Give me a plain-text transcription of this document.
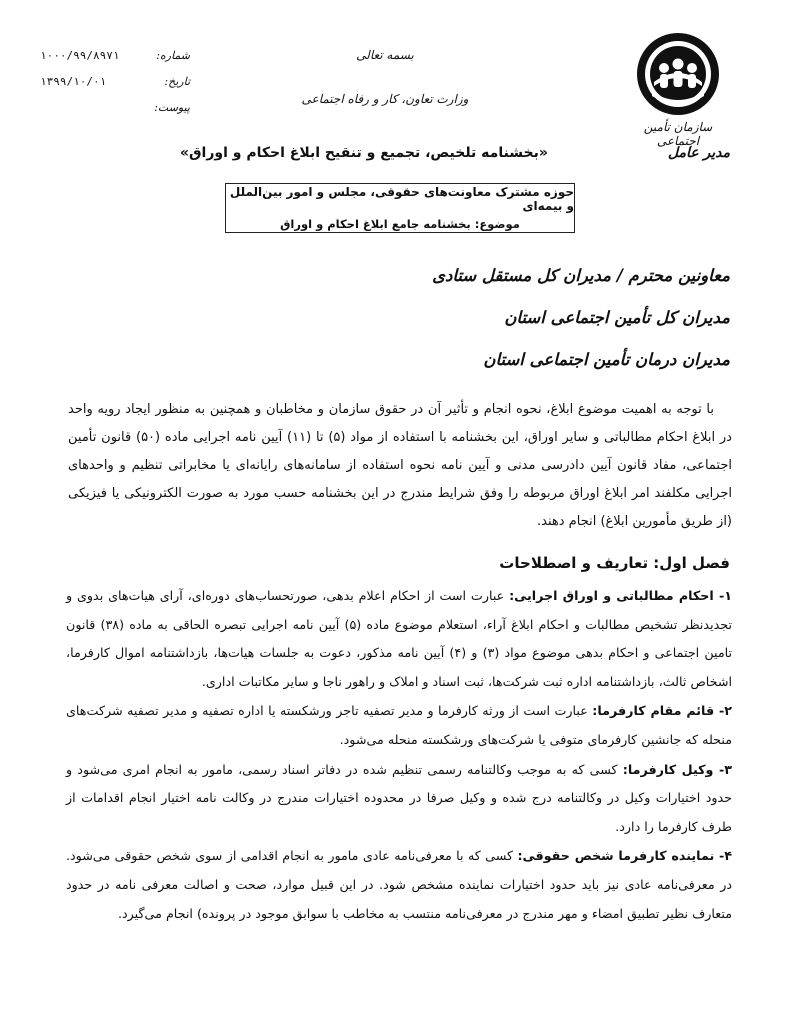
سازمان تأمین اجتماعی
بسمه تعالی
وزارت تعاون، کار و رفاه اجتماعی
۱۰۰۰/۹۹/۸۹۷۱	شماره:
۱۳۹۹/۱۰/۰۱	تاریخ:
پیوست:
مدیر عامل
«بخشنامه تلخیص، تجمیع و تنقیح ابلاغ احکام و اوراق»
حوزه مشترک معاونت‌های حقوقی، مجلس و امور بین‌الملل و بیمه‌ای
موضوع: بخشنامه جامع ابلاغ احکام و اوراق
معاونین محترم / مدیران کل مستقل ستادی
مدیران کل تأمین اجتماعی استان
مدیران درمان تأمین اجتماعی استان

با توجه به اهمیت موضوع ابلاغ، نحوه انجام و تأثیر آن در حقوق سازمان و مخاطبان و همچنین به منظور ایجاد رویه واحد در ابلاغ احکام مطالباتی و سایر اوراق، این بخشنامه با استفاده از مواد (۵) تا (۱۱) آیین نامه اجرایی ماده (۵۰) قانون تأمین اجتماعی، مفاد قانون آیین دادرسی مدنی و آیین نامه نحوه استفاده از سامانه‌های رایانه‌ای یا مخابراتی تنظیم و واحدهای اجرایی مکلفند امر ابلاغ اوراق مربوطه را وفق شرایط مندرج در این بخشنامه حسب مورد به صورت الکترونیکی یا فیزیکی (از طریق مأمورین ابلاغ) انجام دهند.

فصل اول: تعاریف و اصطلاحات

۱- احکام مطالباتی و اوراق اجرایی: عبارت است از احکام اعلام بدهی، صورتحساب‌های دوره‌ای، آرای هیات‌های بدوی و تجدیدنظر تشخیص مطالبات و احکام ابلاغ آراء، استعلام موضوع ماده (۵) آیین نامه اجرایی تبصره الحاقی به ماده (۳۸) قانون تامین اجتماعی و احکام بدهی موضوع مواد (۳) و (۴) آیین نامه مذکور، دعوت به جلسات هیات‌ها، بازداشتنامه اموال کارفرما، اشخاص ثالث، بازداشتنامه اداره ثبت شرکت‌ها، ثبت اسناد و املاک و راهور ناجا و سایر مکاتبات اداری.

۲- قائم مقام کارفرما: عبارت است از ورثه کارفرما و مدیر تصفیه تاجر ورشکسته یا اداره تصفیه و مدیر تصفیه شرکت‌های منحله که جانشین کارفرمای متوفی یا شرکت‌های ورشکسته منحله می‌شود.

۳- وکیل کارفرما: کسی که به موجب وکالتنامه رسمی تنظیم شده در دفاتر اسناد رسمی، مامور به انجام امری می‌شود و حدود اختیارات وکیل در وکالتنامه درج شده و وکیل صرفا در محدوده اختیارات مندرج در وکالت نامه اختیار انجام اقدامات از طرف کارفرما را دارد.

۴- نماینده کارفرما شخص حقوقی: کسی که با معرفی‌نامه عادی مامور به انجام اقدامی از سوی شخص حقوقی می‌شود. در معرفی‌نامه عادی نیز باید حدود اختیارات نماینده مشخص شود. در این قبیل موارد، صحت و اصالت معرفی نامه در حدود متعارف نظیر تطبیق امضاء و مهر مندرج در معرفی‌نامه منتسب به مخاطب با سوابق موجود در پرونده) انجام می‌گیرد.
